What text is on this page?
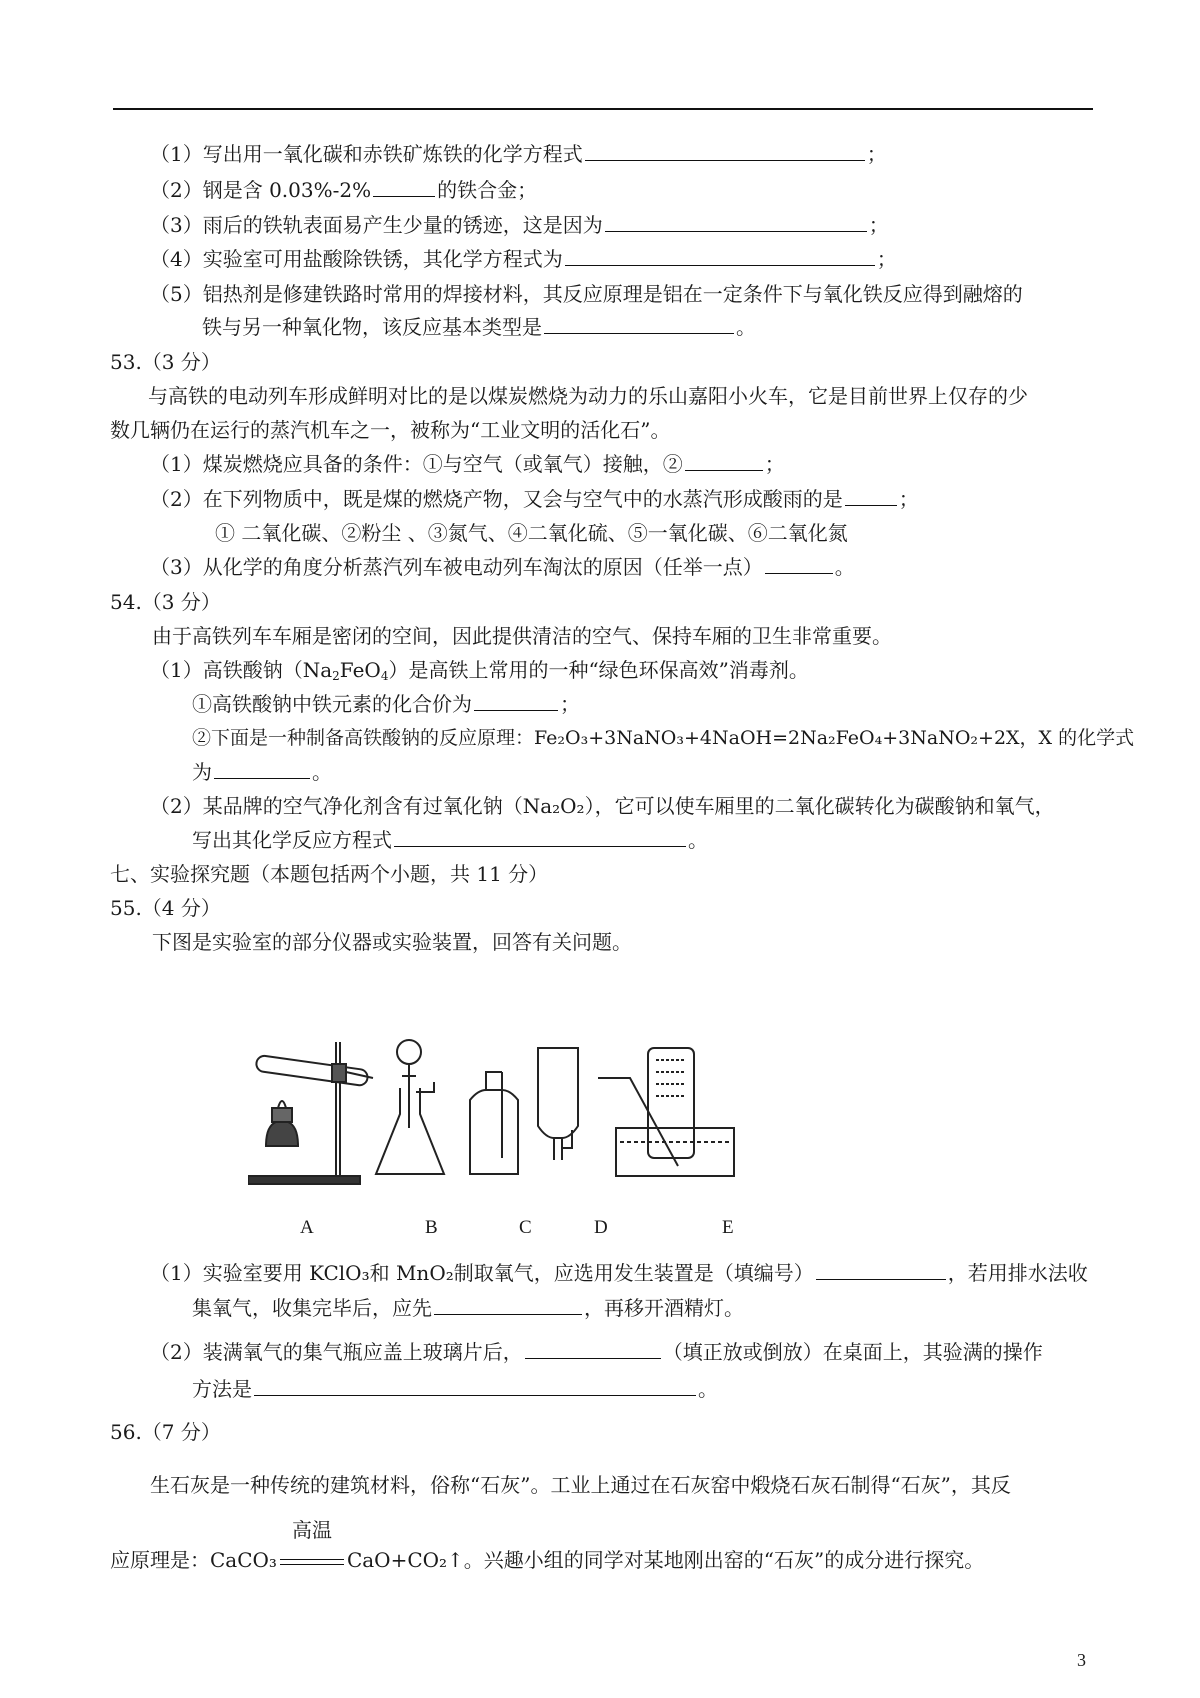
（1）写出用一氧化碳和赤铁矿炼铁的化学方程式	；
（2）钢是含 0.03%-2%	的铁合金；
（3）雨后的铁轨表面易产生少量的锈迹，这是因为	；
（4）实验室可用盐酸除铁锈，其化学方程式为	；
（5）铝热剂是修建铁路时常用的焊接材料，其反应原理是铝在一定条件下与氧化铁反应得到融熔的
铁与另一种氧化物，该反应基本类型是	。
53.（3 分）
与高铁的电动列车形成鲜明对比的是以煤炭燃烧为动力的乐山嘉阳小火车，它是目前世界上仅存的少
数几辆仍在运行的蒸汽机车之一，被称为“工业文明的活化石”。
（1）煤炭燃烧应具备的条件：①与空气（或氧气）接触，②	；
（2）在下列物质中，既是煤的燃烧产物，又会与空气中的水蒸汽形成酸雨的是	；
① 二氧化碳、②粉尘 、③氮气、④二氧化硫、⑤一氧化碳、⑥二氧化氮
（3）从化学的角度分析蒸汽列车被电动列车淘汰的原因（任举一点）	。
54.（3 分）
由于高铁列车车厢是密闭的空间，因此提供清洁的空气、保持车厢的卫生非常重要。
（1）高铁酸钠$(Na_2FeO_4)$是高铁上常用的一种“绿色环保高效”消毒剂。
①高铁酸钠中铁元素的化合价为	；
②下面是一种制备高铁酸钠的反应原理：Fe₂O₃+3NaNO₃+4NaOH=2Na₂FeO₄+3NaNO₂+2X，X 的化学式
为	。
（2）某品牌的空气净化剂含有过氧化钠（Na₂O₂），它可以使车厢里的二氧化碳转化为碳酸钠和氧气，
写出其化学反应方程式	。
七、实验探究题（本题包括两个小题，共 11 分）
55.（4 分）
下图是实验室的部分仪器或实验装置，回答有关问题。
A	B	C	D	E
（1）实验室要用 KClO₃和 MnO₂制取氧气，应选用发生装置是（填编号）	，若用排水法收
集氧气，收集完毕后，应先	，再移开酒精灯。
（2）装满氧气的集气瓶应盖上玻璃片后，	（填正放或倒放）在桌面上，其验满的操作
方法是	。
56.（7 分）
生石灰是一种传统的建筑材料，俗称“石灰”。工业上通过在石灰窑中煅烧石灰石制得“石灰”，其反
应原理是：CaCO₃
高温
CaO+CO₂↑。兴趣小组的同学对某地刚出窑的“石灰”的成分进行探究。
3
